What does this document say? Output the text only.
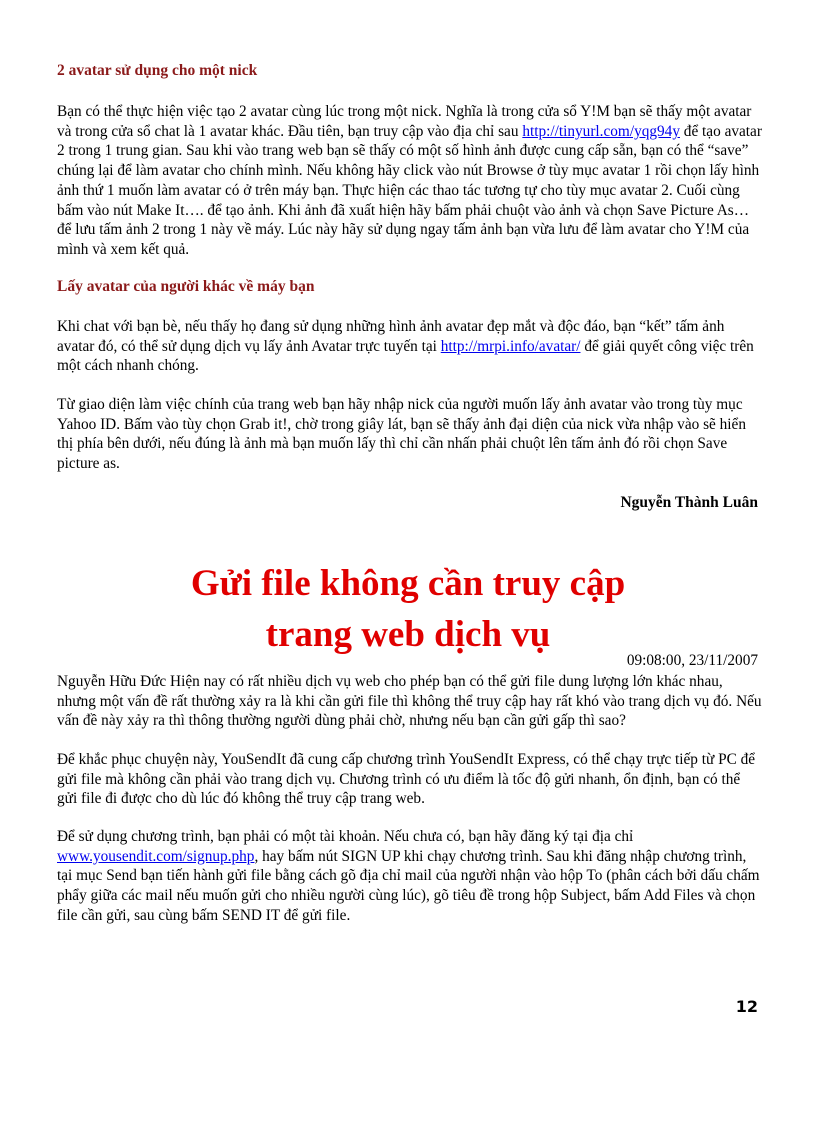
2 avatar sử dụng cho một nick

Bạn có thể thực hiện việc tạo 2 avatar cùng lúc trong một nick. Nghĩa là trong cửa sổ Y!M bạn sẽ thấy một avatar và trong cửa sổ chat là 1 avatar khác. Đầu tiên, bạn truy cập vào địa chỉ sau http://tinyurl.com/yqg94y để tạo avatar 2 trong 1 trung gian. Sau khi vào trang web bạn sẽ thấy có một số hình ảnh được cung cấp sẵn, bạn có thể “save” chúng lại để làm avatar cho chính mình. Nếu không hãy click vào nút Browse ở tùy mục avatar 1 rồi chọn lấy hình ảnh thứ 1 muốn làm avatar có ở trên máy bạn. Thực hiện các thao tác tương tự cho tùy mục avatar 2. Cuối cùng bấm vào nút Make It…. để tạo ảnh. Khi ảnh đã xuất hiện hãy bấm phải chuột vào ảnh và chọn Save Picture As… để lưu tấm ảnh 2 trong 1 này về máy. Lúc này hãy sử dụng ngay tấm ảnh bạn vừa lưu để làm avatar cho Y!M của mình và xem kết quả.

Lấy avatar của người khác về máy bạn

Khi chat với bạn bè, nếu thấy họ đang sử dụng những hình ảnh avatar đẹp mắt và độc đáo, bạn “kết” tấm ảnh avatar đó, có thể sử dụng dịch vụ lấy ảnh Avatar trực tuyến tại http://mrpi.info/avatar/ để giải quyết công việc trên một cách nhanh chóng.

Từ giao diện làm việc chính của trang web bạn hãy nhập nick của người muốn lấy ảnh avatar vào trong tùy mục Yahoo ID. Bấm vào tùy chọn Grab it!, chờ trong giây lát, bạn sẽ thấy ảnh đại diện của nick vừa nhập vào sẽ hiển thị phía bên dưới, nếu đúng là ảnh mà bạn muốn lấy thì chỉ cần nhấn phải chuột lên tấm ảnh đó rồi chọn Save picture as.

Nguyễn Thành Luân
Gửi file không cần truy cập
trang web dịch vụ
09:08:00, 23/11/2007

Nguyễn Hữu Đức Hiện nay có rất nhiều dịch vụ web cho phép bạn có thể gửi file dung lượng lớn khác nhau, nhưng một vấn đề rất thường xảy ra là khi cần gửi file thì không thể truy cập hay rất khó vào trang dịch vụ đó. Nếu vấn đề này xảy ra thì thông thường người dùng phải chờ, nhưng nếu bạn cần gửi gấp thì sao?

Để khắc phục chuyện này, YouSendIt đã cung cấp chương trình YouSendIt Express, có thể chạy trực tiếp từ PC để gửi file mà không cần phải vào trang dịch vụ. Chương trình có ưu điểm là tốc độ gửi nhanh, ổn định, bạn có thể gửi file đi được cho dù lúc đó không thể truy cập trang web.

Để sử dụng chương trình, bạn phải có một tài khoản. Nếu chưa có, bạn hãy đăng ký tại địa chỉ www.yousendit.com/signup.php, hay bấm nút SIGN UP khi chạy chương trình. Sau khi đăng nhập chương trình, tại mục Send bạn tiến hành gửi file bằng cách gõ địa chỉ mail của người nhận vào hộp To (phân cách bởi dấu chấm phẩy giữa các mail nếu muốn gửi cho nhiều người cùng lúc), gõ tiêu đề trong hộp Subject, bấm Add Files và chọn file cần gửi, sau cùng bấm SEND IT để gửi file.

12
